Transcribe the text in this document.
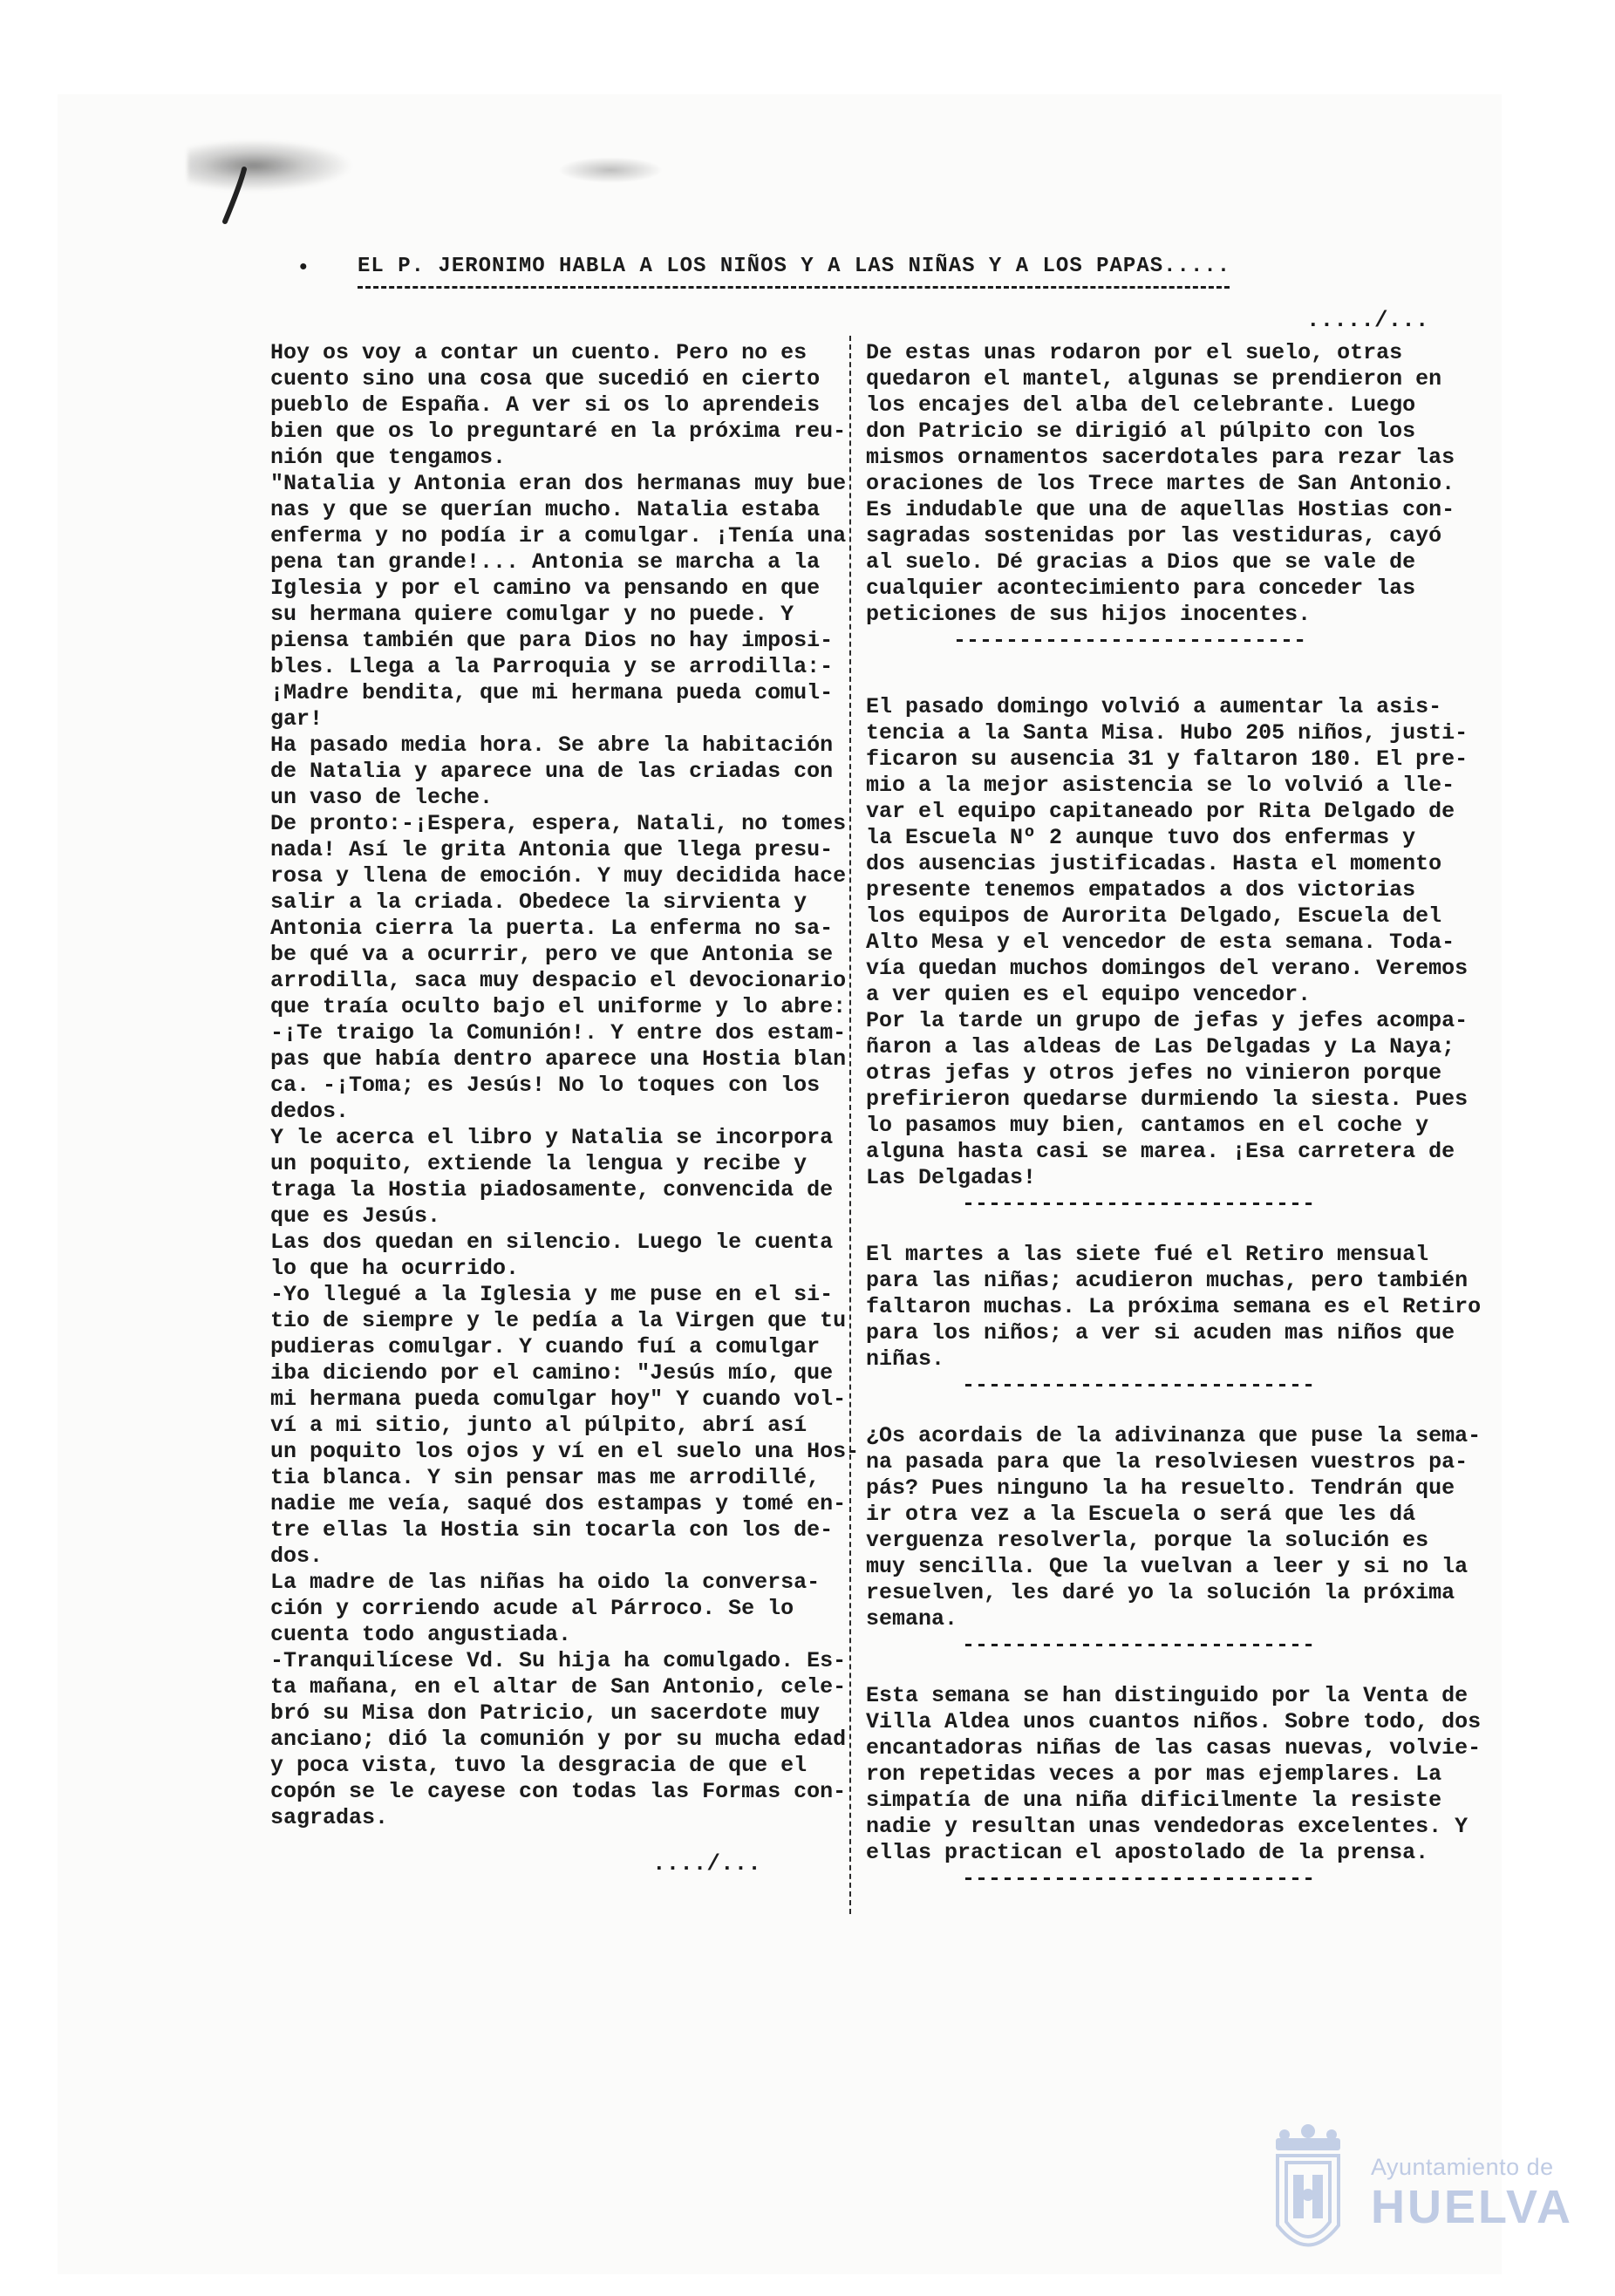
• EL P. JERONIMO HABLA A LOS NIÑOS Y A LAS NIÑAS Y A LOS PAPAS.....
...../...
Hoy os voy a contar un cuento. Pero no es
cuento sino una cosa que sucedió en cierto
pueblo de España. A ver si os lo aprendeis
bien que os lo preguntaré en la próxima reu-
nión que tengamos.
"Natalia y Antonia eran dos hermanas muy bue
nas y que se querían mucho. Natalia estaba
enferma y no podía ir a comulgar. ¡Tenía una
pena tan grande!... Antonia se marcha a la
Iglesia y por el camino va pensando en que
su hermana quiere comulgar y no puede. Y
piensa también que para Dios no hay imposi-
bles. Llega a la Parroquia y se arrodilla:-
¡Madre bendita, que mi hermana pueda comul-
gar!
Ha pasado media hora. Se abre la habitación
de Natalia y aparece una de las criadas con
un vaso de leche.
De pronto:-¡Espera, espera, Natali, no tomes
nada! Así le grita Antonia que llega presu-
rosa y llena de emoción. Y muy decidida hace
salir a la criada. Obedece la sirvienta y
Antonia cierra la puerta. La enferma no sa-
be qué va a ocurrir, pero ve que Antonia se
arrodilla, saca muy despacio el devocionario
que traía oculto bajo el uniforme y lo abre:
-¡Te traigo la Comunión!. Y entre dos estam-
pas que había dentro aparece una Hostia blan
ca. -¡Toma; es Jesús! No lo toques con los
dedos.
Y le acerca el libro y Natalia se incorpora
un poquito, extiende la lengua y recibe y
traga la Hostia piadosamente, convencida de
que es Jesús.
Las dos quedan en silencio. Luego le cuenta
lo que ha ocurrido.
-Yo llegué a la Iglesia y me puse en el si-
tio de siempre y le pedía a la Virgen que tu
pudieras comulgar. Y cuando fuí a comulgar
iba diciendo por el camino: "Jesús mío, que
mi hermana pueda comulgar hoy" Y cuando vol-
ví a mi sitio, junto al púlpito, abrí así
un poquito los ojos y ví en el suelo una Hos-
tia blanca. Y sin pensar mas me arrodillé,
nadie me veía, saqué dos estampas y tomé en-
tre ellas la Hostia sin tocarla con los de-
dos.
La madre de las niñas ha oido la conversa-
ción y corriendo acude al Párroco. Se lo
cuenta todo angustiada.
-Tranquilícese Vd. Su hija ha comulgado. Es-
ta mañana, en el altar de San Antonio, cele-
bró su Misa don Patricio, un sacerdote muy
anciano; dió la comunión y por su mucha edad
y poca vista, tuvo la desgracia de que el
copón se le cayese con todas las Formas con-
sagradas.
De estas unas rodaron por el suelo, otras
quedaron el mantel, algunas se prendieron en
los encajes del alba del celebrante. Luego
don Patricio se dirigió al púlpito con los
mismos ornamentos sacerdotales para rezar las
oraciones de los Trece martes de San Antonio.
Es indudable que una de aquellas Hostias con-
sagradas sostenidas por las vestiduras, cayó
al suelo. Dé gracias a Dios que se vale de
cualquier acontecimiento para conceder las
peticiones de sus hijos inocentes.
---------------------------
El pasado domingo volvió a aumentar la asis-
tencia a la Santa Misa. Hubo 205 niños, justi-
ficaron su ausencia 31 y faltaron 180. El pre-
mio a la mejor asistencia se lo volvió a lle-
var el equipo capitaneado por Rita Delgado de
la Escuela Nº 2 aunque tuvo dos enfermas y
dos ausencias justificadas. Hasta el momento
presente tenemos empatados a dos victorias
los equipos de Aurorita Delgado, Escuela del
Alto Mesa y el vencedor de esta semana. Toda-
vía quedan muchos domingos del verano. Veremos
a ver quien es el equipo vencedor.
Por la tarde un grupo de jefas y jefes acompa-
ñaron a las aldeas de Las Delgadas y La Naya;
otras jefas y otros jefes no vinieron porque
prefirieron quedarse durmiendo la siesta. Pues
lo pasamos muy bien, cantamos en el coche y
alguna hasta casi se marea. ¡Esa carretera de
Las Delgadas!
---------------------------
El martes a las siete fué el Retiro mensual
para las niñas; acudieron muchas, pero también
faltaron muchas. La próxima semana es el Retiro
para los niños; a ver si acuden mas niños que
niñas.
---------------------------
¿Os acordais de la adivinanza que puse la sema-
na pasada para que la resolviesen vuestros pa-
pás? Pues ninguno la ha resuelto. Tendrán que
ir otra vez a la Escuela o será que les dá
verguenza resolverla, porque la solución es
muy sencilla. Que la vuelvan a leer y si no la
resuelven, les daré yo la solución la próxima
semana.
---------------------------
Esta semana se han distinguido por la Venta de
Villa Aldea unos cuantos niños. Sobre todo, dos
encantadoras niñas de las casas nuevas, volvie-
ron repetidas veces a por mas ejemplares. La
simpatía de una niña dificilmente la resiste
nadie y resultan unas vendedoras excelentes. Y
ellas practican el apostolado de la prensa.
---------------------------
..../...
Ayuntamiento de
HUELVA
